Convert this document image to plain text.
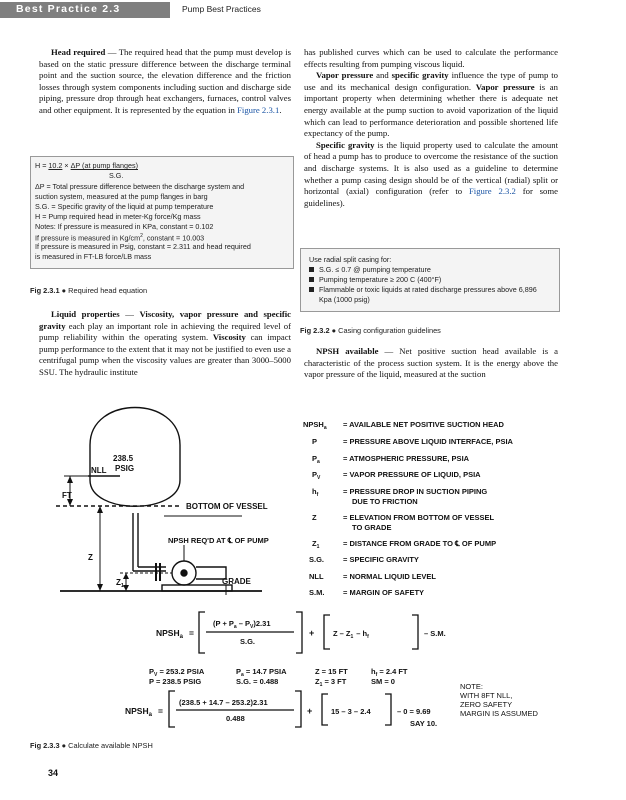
Best Practice 2.3	Pump Best Practices

Head required — The required head that the pump must develop is based on the static pressure difference between the discharge terminal point and the suction source, the elevation difference and the friction losses through system components including suction and discharge side piping, pressure drop through heat exchangers, furnaces, control valves and other equipment. It is represented by the equation in Figure 2.3.1.

H = 10.2 × ΔP (at pump flanges)
S.G.
ΔP = Total pressure difference between the discharge system and
suction system, measured at the pump flanges in barg
S.G. = Specific gravity of the liquid at pump temperature
H = Pump required head in meter-Kg force/Kg mass
Notes: If pressure is measured in KPa, constant = 0.102
If pressure is measured in $Kg/cm^2$, constant = 10.003
If pressure is measured in Psig, constant = 2.311 and head required
is measured in FT-LB force/LB mass
Fig 2.3.1 ● Required head equation

Liquid properties — Viscosity, vapor pressure and specific gravity each play an important role in achieving the required level of pump reliability within the operating system. Viscosity can impact pump performance to the extent that it may not be justified to even use a centrifugal pump when the viscosity values are greater than 3000–5000 SSU. The hydraulic institute

has published curves which can be used to calculate the performance effects resulting from pumping viscous liquid.

Vapor pressure and specific gravity influence the type of pump to use and its mechanical design configuration. Vapor pressure is an important property when determining whether there is adequate net energy available at the pump suction to avoid vaporization of the liquid which can lead to performance deterioration and possible shortened life expectancy of the pump.

Specific gravity is the liquid property used to calculate the amount of head a pump has to produce to overcome the resistance of the suction and discharge systems. It is also used as a guideline to determine whether a pump casing design should be of the vertical (radial) split or horizontal (axial) configuration (refer to Figure 2.3.2 for some guidelines).

Use radial split casing for:
S.G. ≤ 0.7 @ pumping temperature
Pumping temperature ≥ 200 C (400°F)
Flammable or toxic liquids at rated discharge pressures above 6,896
Kpa (1000 psig)
Fig 2.3.2 ● Casing configuration guidelines

NPSH available — Net positive suction head available is a characteristic of the process suction system. It is the energy above the vapor pressure of the liquid, measured at the suction

238.5
PSIG
NLL
FT
Z
$Z_1$
BOTTOM OF VESSEL
NPSH REQ'D AT ℄ OF PUMP
GRADE
$NPSH_a$ = AVAILABLE NET POSITIVE SUCTION HEAD
P	= PRESSURE ABOVE LIQUID INTERFACE, PSIA
$P_a$	= ATMOSPHERIC PRESSURE, PSIA
$P_V$	= VAPOR PRESSURE OF LIQUID, PSIA
$h_f$	= PRESSURE DROP IN SUCTION PIPING
DUE TO FRICTION
Z	= ELEVATION FROM BOTTOM OF VESSEL
TO GRADE
$Z_1$	= DISTANCE FROM GRADE TO ℄ OF PUMP
S.G.	= SPECIFIC GRAVITY
NLL	= NORMAL LIQUID LEVEL
S.M. = MARGIN OF SAFETY
$NPSH_a$ =
$(P + P_a - P_V)2.31$
S.G.
+ Z – $Z_1 - h_f$	– S.M.
$P_V = 253.2$ PSIA	$P_a = 14.7$ PSIA	Z = 15 FT	$h_f = 2.4$ FT
P = 238.5 PSIG	S.G. = 0.488	$Z_1 = 3$ FT	SM = 0
$NPSH_a$ =
(238.5 + 14.7 – 253.2)2.31
0.488
+ 15 – 3 – 2.4	– 0 = 9.69
SAY 10.
NOTE:
WITH 8FT NLL,
ZERO SAFETY
MARGIN IS ASSUMED
Fig 2.3.3 ● Calculate available NPSH
34
